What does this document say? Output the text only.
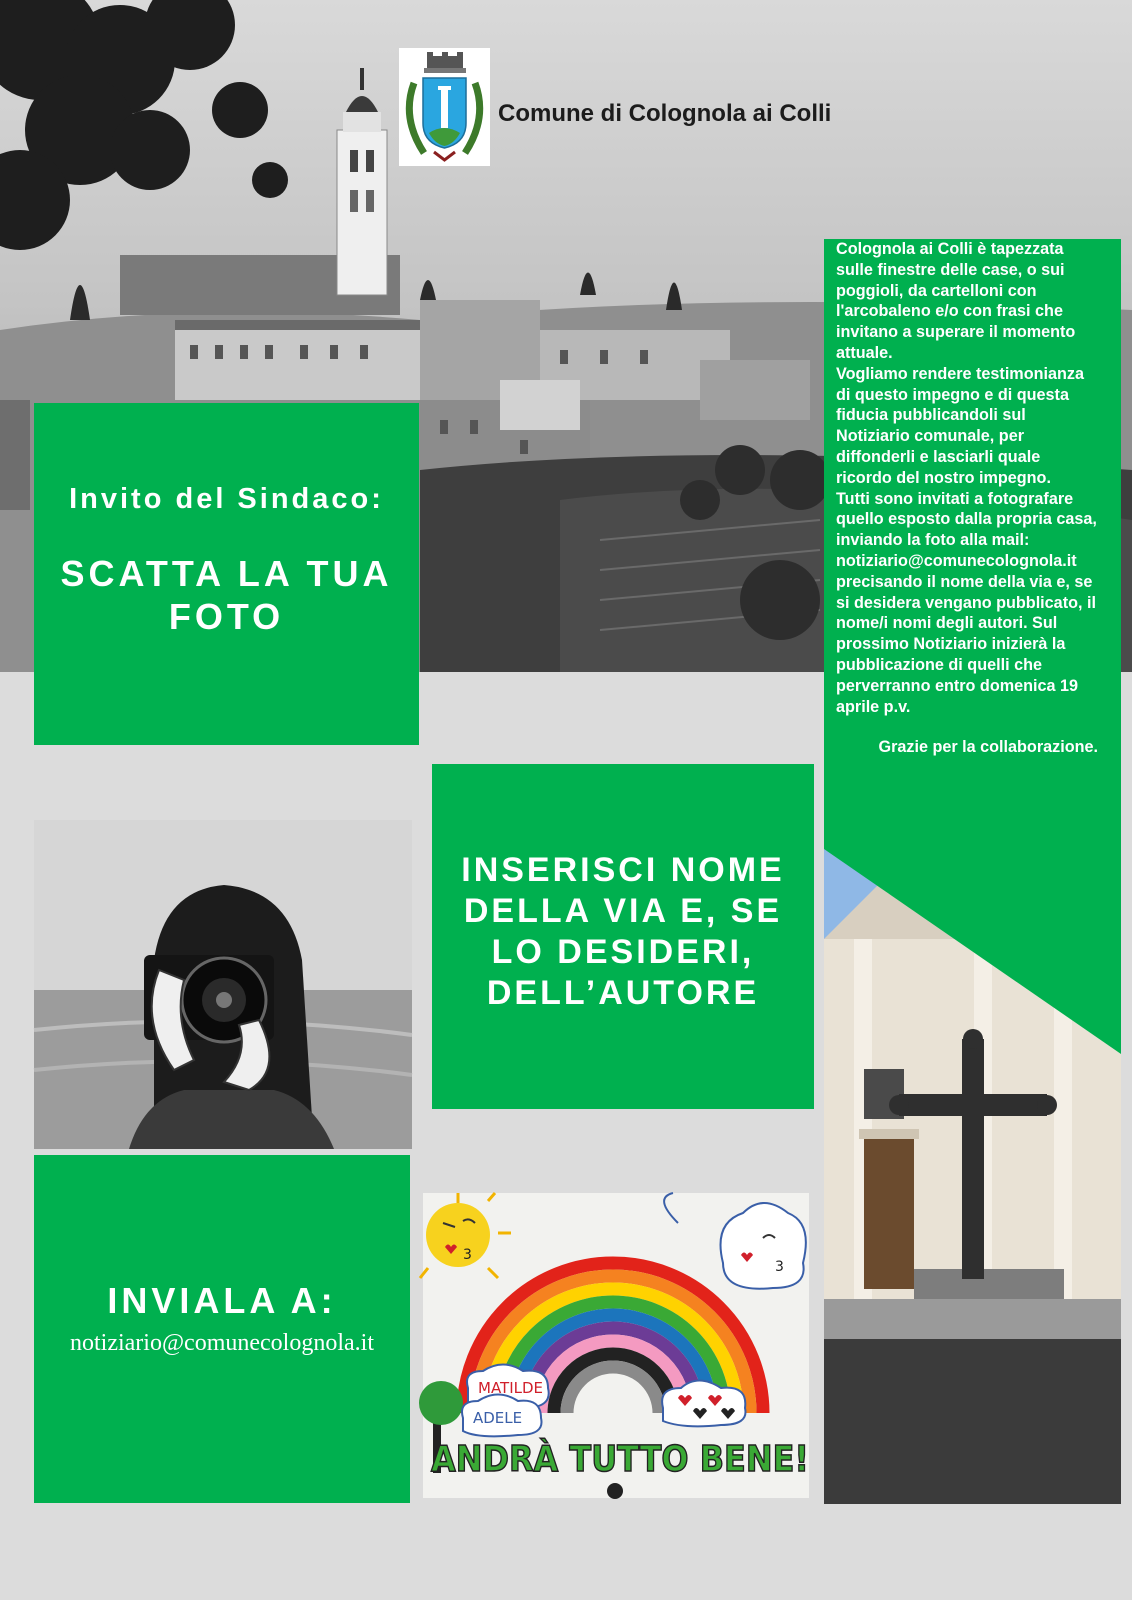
Comune di Colognola ai Colli
Invito del Sindaco:
SCATTA LA TUA FOTO

Colognola ai Colli è tapezzata sulle finestre delle case, o sui poggioli, da cartelloni con l'arcobaleno e/o con frasi che invitano a superare il momento attuale.

Vogliamo rendere testimonianza di questo impegno e di questa fiducia pubblicandoli sul Notiziario comunale, per diffonderli e lasciarli quale ricordo del nostro impegno.

Tutti sono invitati a fotografare quello esposto dalla propria casa, inviando la foto alla mail: notiziario@comunecolognola.it precisando il nome della via e, se si desidera vengano pubblicato, il nome/i nomi degli autori. Sul prossimo Notiziario inizierà la pubblicazione di quelli che perverranno entro domenica 19 aprile p.v.

Grazie per la collaborazione.

INSERISCI NOME DELLA VIA E, SE LO DESIDERI, DELL’AUTORE
INVIALA A:
notiziario@comunecolognola.it
3
3
MATILDE
ADELE
ANDRÀ TUTTO BENE!
